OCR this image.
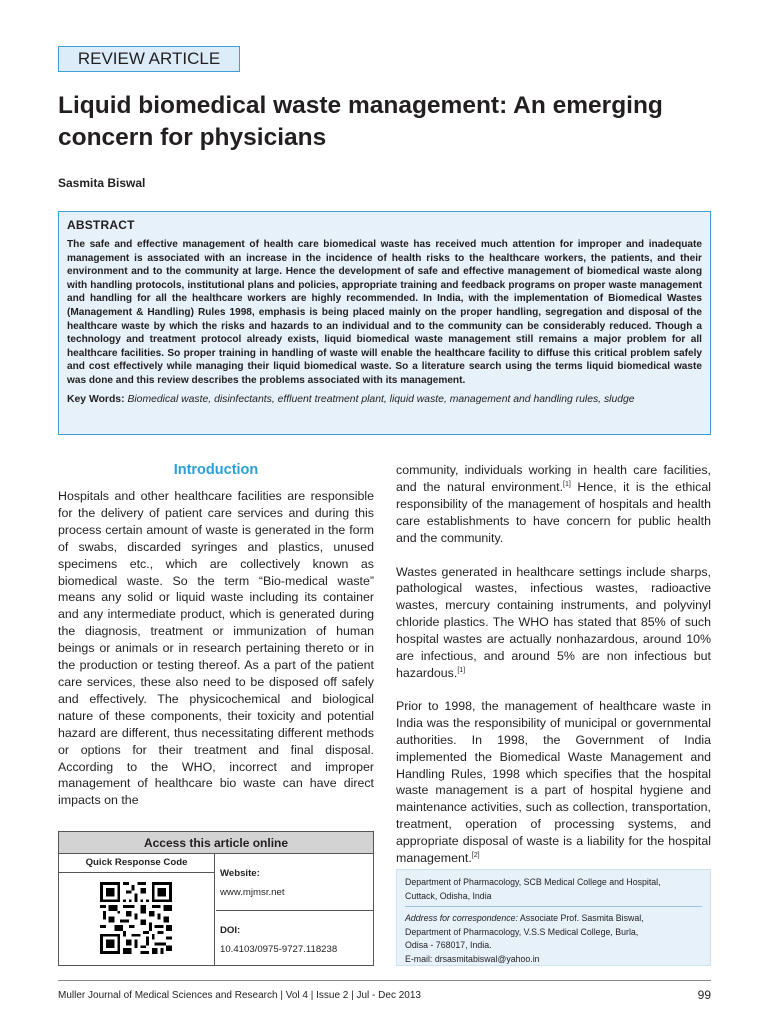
REVIEW ARTICLE
Liquid biomedical waste management: An emerging concern for physicians
Sasmita Biswal
ABSTRACT

The safe and effective management of health care biomedical waste has received much attention for improper and inadequate management is associated with an increase in the incidence of health risks to the healthcare workers, the patients, and their environment and to the community at large. Hence the development of safe and effective management of biomedical waste along with handling protocols, institutional plans and policies, appropriate training and feedback programs on proper waste management and handling for all the healthcare workers are highly recommended. In India, with the implementation of Biomedical Wastes (Management & Handling) Rules 1998, emphasis is being placed mainly on the proper handling, segregation and disposal of the healthcare waste by which the risks and hazards to an individual and to the community can be considerably reduced. Though a technology and treatment protocol already exists, liquid biomedical waste management still remains a major problem for all healthcare facilities. So proper training in handling of waste will enable the healthcare facility to diffuse this critical problem safely and cost effectively while managing their liquid biomedical waste. So a literature search using the terms liquid biomedical waste was done and this review describes the problems associated with its management.

Key Words: Biomedical waste, disinfectants, effluent treatment plant, liquid waste, management and handling rules, sludge

Introduction

Hospitals and other healthcare facilities are responsible for the delivery of patient care services and during this process certain amount of waste is generated in the form of swabs, discarded syringes and plastics, unused specimens etc., which are collectively known as biomedical waste. So the term “Bio-medical waste” means any solid or liquid waste including its container and any intermediate product, which is generated during the diagnosis, treatment or immunization of human beings or animals or in research pertaining thereto or in the production or testing thereof. As a part of the patient care services, these also need to be disposed off safely and effectively. The physicochemical and biological nature of these components, their toxicity and potential hazard are different, thus necessitating different methods or options for their treatment and final disposal. According to the WHO, incorrect and improper management of healthcare bio waste can have direct impacts on the

community, individuals working in health care facilities, and the natural environment.[1] Hence, it is the ethical responsibility of the management of hospitals and health care establishments to have concern for public health and the community.

Wastes generated in healthcare settings include sharps, pathological wastes, infectious wastes, radioactive wastes, mercury containing instruments, and polyvinyl chloride plastics. The WHO has stated that 85% of such hospital wastes are actually nonhazardous, around 10% are infectious, and around 5% are non infectious but hazardous.[1]

Prior to 1998, the management of healthcare waste in India was the responsibility of municipal or governmental authorities. In 1998, the Government of India implemented the Biomedical Waste Management and Handling Rules, 1998 which specifies that the hospital waste management is a part of hospital hygiene and maintenance activities, such as collection, transportation, treatment, operation of processing systems, and appropriate disposal of waste is a liability for the hospital management.[2]

Access this article online
Quick Response Code
Website:
www.mjmsr.net
DOI:
10.4103/0975-9727.118238
Department of Pharmacology, SCB Medical College and Hospital,
Cuttack, Odisha, India
Address for correspondence: Associate Prof. Sasmita Biswal,
Department of Pharmacology, V.S.S Medical College, Burla,
Odisa - 768017, India.
E-mail: drsasmitabiswal@yahoo.in
Muller Journal of Medical Sciences and Research | Vol 4 | Issue 2 | Jul - Dec 2013	99
